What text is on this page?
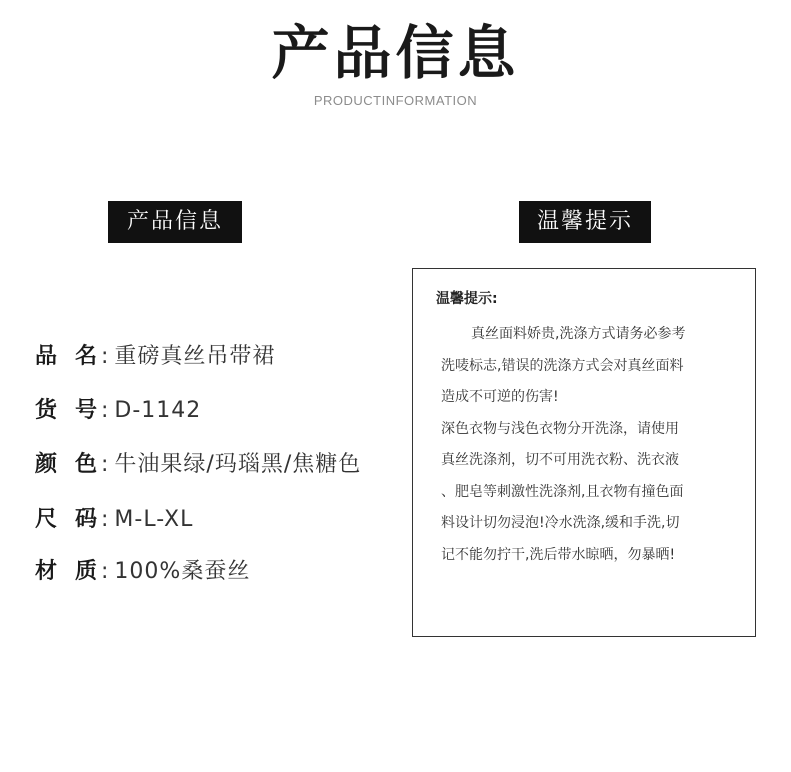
产品信息
PRODUCTINFORMATION
产品信息	温馨提示
品 名 : 重磅真丝吊带裙
货 号 : D-1142
颜 色 : 牛油果绿/玛瑙黑/焦糖色
尺 码 : M-L-XL
材 质 : 100%桑蚕丝
温馨提示:
真丝面料娇贵,洗涤方式请务必参考
洗唛标志,错误的洗涤方式会对真丝面料
造成不可逆的伤害!
深色衣物与浅色衣物分开洗涤，请使用
真丝洗涤剂，切不可用洗衣粉、洗衣液
、肥皂等刺激性洗涤剂,且衣物有撞色面
料设计切勿浸泡!冷水洗涤,缓和手洗,切
记不能勿拧干,洗后带水晾晒，勿暴晒!
